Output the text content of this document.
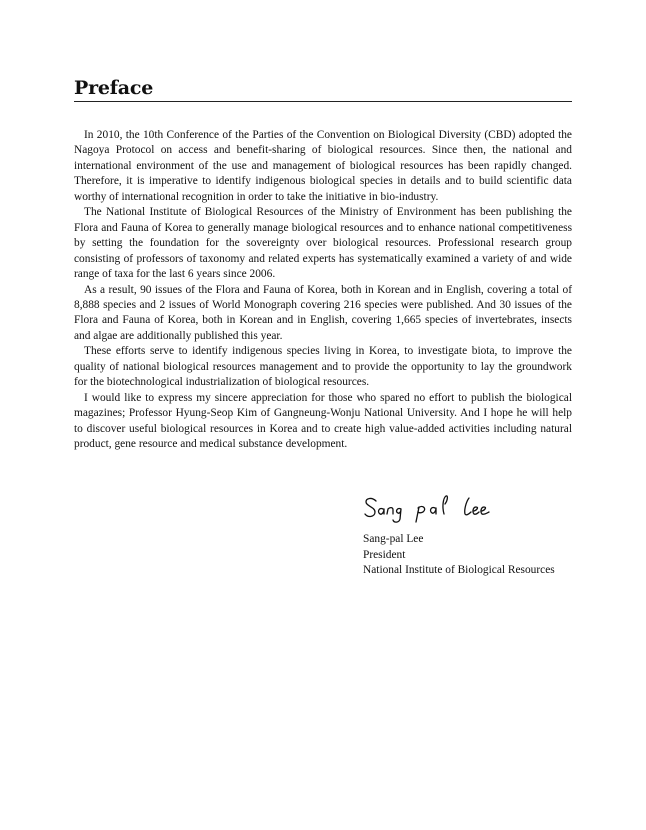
Preface

In 2010, the 10th Conference of the Parties of the Convention on Biological Diversity (CBD) adopted the Nagoya Protocol on access and benefit-sharing of biological resources. Since then, the national and international environment of the use and management of biological resources has been rapidly changed. Therefore, it is imperative to identify indigenous biological species in details and to build scientific data worthy of international recognition in order to take the initiative in bio-industry.

The National Institute of Biological Resources of the Ministry of Environment has been publishing the Flora and Fauna of Korea to generally manage biological resources and to enhance national competitiveness by setting the foundation for the sovereignty over biological resources. Professional research group consisting of professors of taxonomy and related experts has systematically examined a variety of and wide range of taxa for the last 6 years since 2006.

As a result, 90 issues of the Flora and Fauna of Korea, both in Korean and in English, covering a total of 8,888 species and 2 issues of World Monograph covering 216 species were published. And 30 issues of the Flora and Fauna of Korea, both in Korean and in English, covering 1,665 species of invertebrates, insects and algae are additionally published this year.

These efforts serve to identify indigenous species living in Korea, to investigate biota, to improve the quality of national biological resources management and to provide the opportunity to lay the groundwork for the biotechnological industrialization of biological resources.

I would like to express my sincere appreciation for those who spared no effort to publish the biological magazines; Professor Hyung-Seop Kim of Gangneung-Wonju National University. And I hope he will help to discover useful biological resources in Korea and to create high value-added activities including natural product, gene resource and medical substance development.

Sang-pal Lee
President
National Institute of Biological Resources
